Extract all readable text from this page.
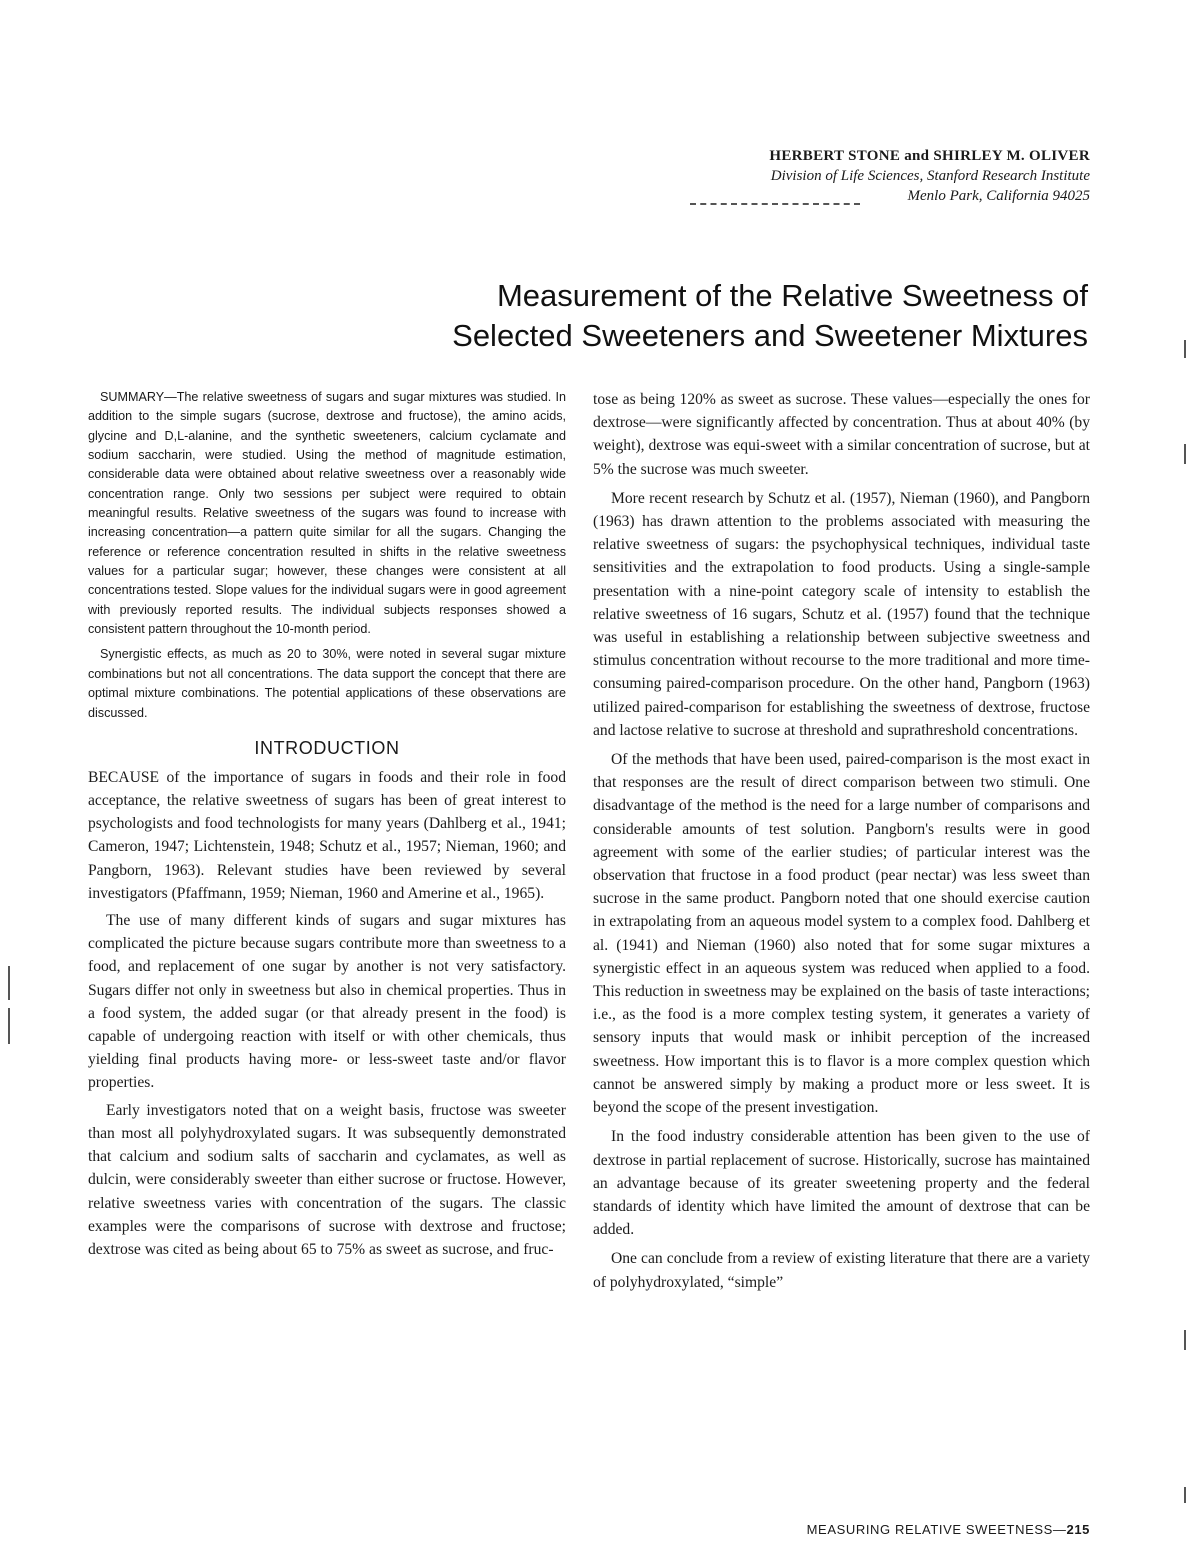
HERBERT STONE and SHIRLEY M. OLIVER
Division of Life Sciences, Stanford Research Institute
Menlo Park, California 94025
Measurement of the Relative Sweetness of
Selected Sweeteners and Sweetener Mixtures

SUMMARY—The relative sweetness of sugars and sugar mixtures was studied. In addition to the simple sugars (sucrose, dextrose and fructose), the amino acids, glycine and D,L-alanine, and the synthetic sweeteners, calcium cyclamate and sodium saccharin, were studied. Using the method of magnitude estimation, considerable data were obtained about relative sweetness over a reasonably wide concentration range. Only two sessions per subject were required to obtain meaningful results. Relative sweetness of the sugars was found to increase with increasing concentration—a pattern quite similar for all the sugars. Changing the reference or reference concentration resulted in shifts in the relative sweetness values for a particular sugar; however, these changes were consistent at all concentrations tested. Slope values for the individual sugars were in good agreement with previously reported results. The individual subjects responses showed a consistent pattern throughout the 10-month period.

Synergistic effects, as much as 20 to 30%, were noted in several sugar mixture combinations but not all concentrations. The data support the concept that there are optimal mixture combinations. The potential applications of these observations are discussed.

INTRODUCTION

BECAUSE of the importance of sugars in foods and their role in food acceptance, the relative sweetness of sugars has been of great interest to psychologists and food technologists for many years (Dahlberg et al., 1941; Cameron, 1947; Lichtenstein, 1948; Schutz et al., 1957; Nieman, 1960; and Pangborn, 1963). Relevant studies have been reviewed by several investigators (Pfaffmann, 1959; Nieman, 1960 and Amerine et al., 1965).

The use of many different kinds of sugars and sugar mixtures has complicated the picture because sugars contribute more than sweetness to a food, and replacement of one sugar by another is not very satisfactory. Sugars differ not only in sweetness but also in chemical properties. Thus in a food system, the added sugar (or that already present in the food) is capable of undergoing reaction with itself or with other chemicals, thus yielding final products having more- or less-sweet taste and/or flavor properties.

Early investigators noted that on a weight basis, fructose was sweeter than most all polyhydroxylated sugars. It was subsequently demonstrated that calcium and sodium salts of saccharin and cyclamates, as well as dulcin, were considerably sweeter than either sucrose or fructose. However, relative sweetness varies with concentration of the sugars. The classic examples were the comparisons of sucrose with dextrose and fructose; dextrose was cited as being about 65 to 75% as sweet as sucrose, and fruc-

tose as being 120% as sweet as sucrose. These values—especially the ones for dextrose—were significantly affected by concentration. Thus at about 40% (by weight), dextrose was equi-sweet with a similar concentration of sucrose, but at 5% the sucrose was much sweeter.

More recent research by Schutz et al. (1957), Nieman (1960), and Pangborn (1963) has drawn attention to the problems associated with measuring the relative sweetness of sugars: the psychophysical techniques, individual taste sensitivities and the extrapolation to food products. Using a single-sample presentation with a nine-point category scale of intensity to establish the relative sweetness of 16 sugars, Schutz et al. (1957) found that the technique was useful in establishing a relationship between subjective sweetness and stimulus concentration without recourse to the more traditional and more time-consuming paired-comparison procedure. On the other hand, Pangborn (1963) utilized paired-comparison for establishing the sweetness of dextrose, fructose and lactose relative to sucrose at threshold and suprathreshold concentrations.

Of the methods that have been used, paired-comparison is the most exact in that responses are the result of direct comparison between two stimuli. One disadvantage of the method is the need for a large number of comparisons and considerable amounts of test solution. Pangborn's results were in good agreement with some of the earlier studies; of particular interest was the observation that fructose in a food product (pear nectar) was less sweet than sucrose in the same product. Pangborn noted that one should exercise caution in extrapolating from an aqueous model system to a complex food. Dahlberg et al. (1941) and Nieman (1960) also noted that for some sugar mixtures a synergistic effect in an aqueous system was reduced when applied to a food. This reduction in sweetness may be explained on the basis of taste interactions; i.e., as the food is a more complex testing system, it generates a variety of sensory inputs that would mask or inhibit perception of the increased sweetness. How important this is to flavor is a more complex question which cannot be answered simply by making a product more or less sweet. It is beyond the scope of the present investigation.

In the food industry considerable attention has been given to the use of dextrose in partial replacement of sucrose. Historically, sucrose has maintained an advantage because of its greater sweetening property and the federal standards of identity which have limited the amount of dextrose that can be added.

One can conclude from a review of existing literature that there are a variety of polyhydroxylated, “simple”

MEASURING RELATIVE SWEETNESS—215
